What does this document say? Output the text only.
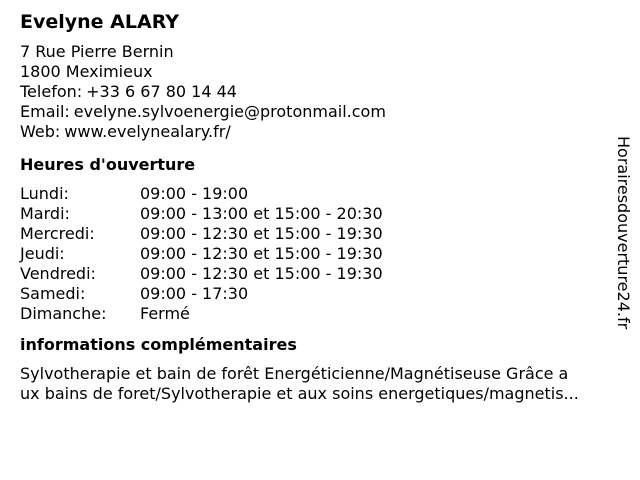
Evelyne ALARY
7 Rue Pierre Bernin
1800 Meximieux
Telefon: +33 6 67 80 14 44
Email: evelyne.sylvoenergie@protonmail.com
Web: www.evelynealary.fr/
Heures d'ouverture
Lundi:	09:00 - 19:00
Mardi:	09:00 - 13:00 et 15:00 - 20:30
Mercredi:	09:00 - 12:30 et 15:00 - 19:30
Jeudi:	09:00 - 12:30 et 15:00 - 19:30
Vendredi:	09:00 - 12:30 et 15:00 - 19:30
Samedi:	09:00 - 17:30
Dimanche:	Fermé
informations complémentaires
Sylvotherapie et bain de forêt Energéticienne/Magnétiseuse Grâce a
ux bains de foret/Sylvotherapie et aux soins energetiques/magnetis...
Horairesdouverture24.fr
